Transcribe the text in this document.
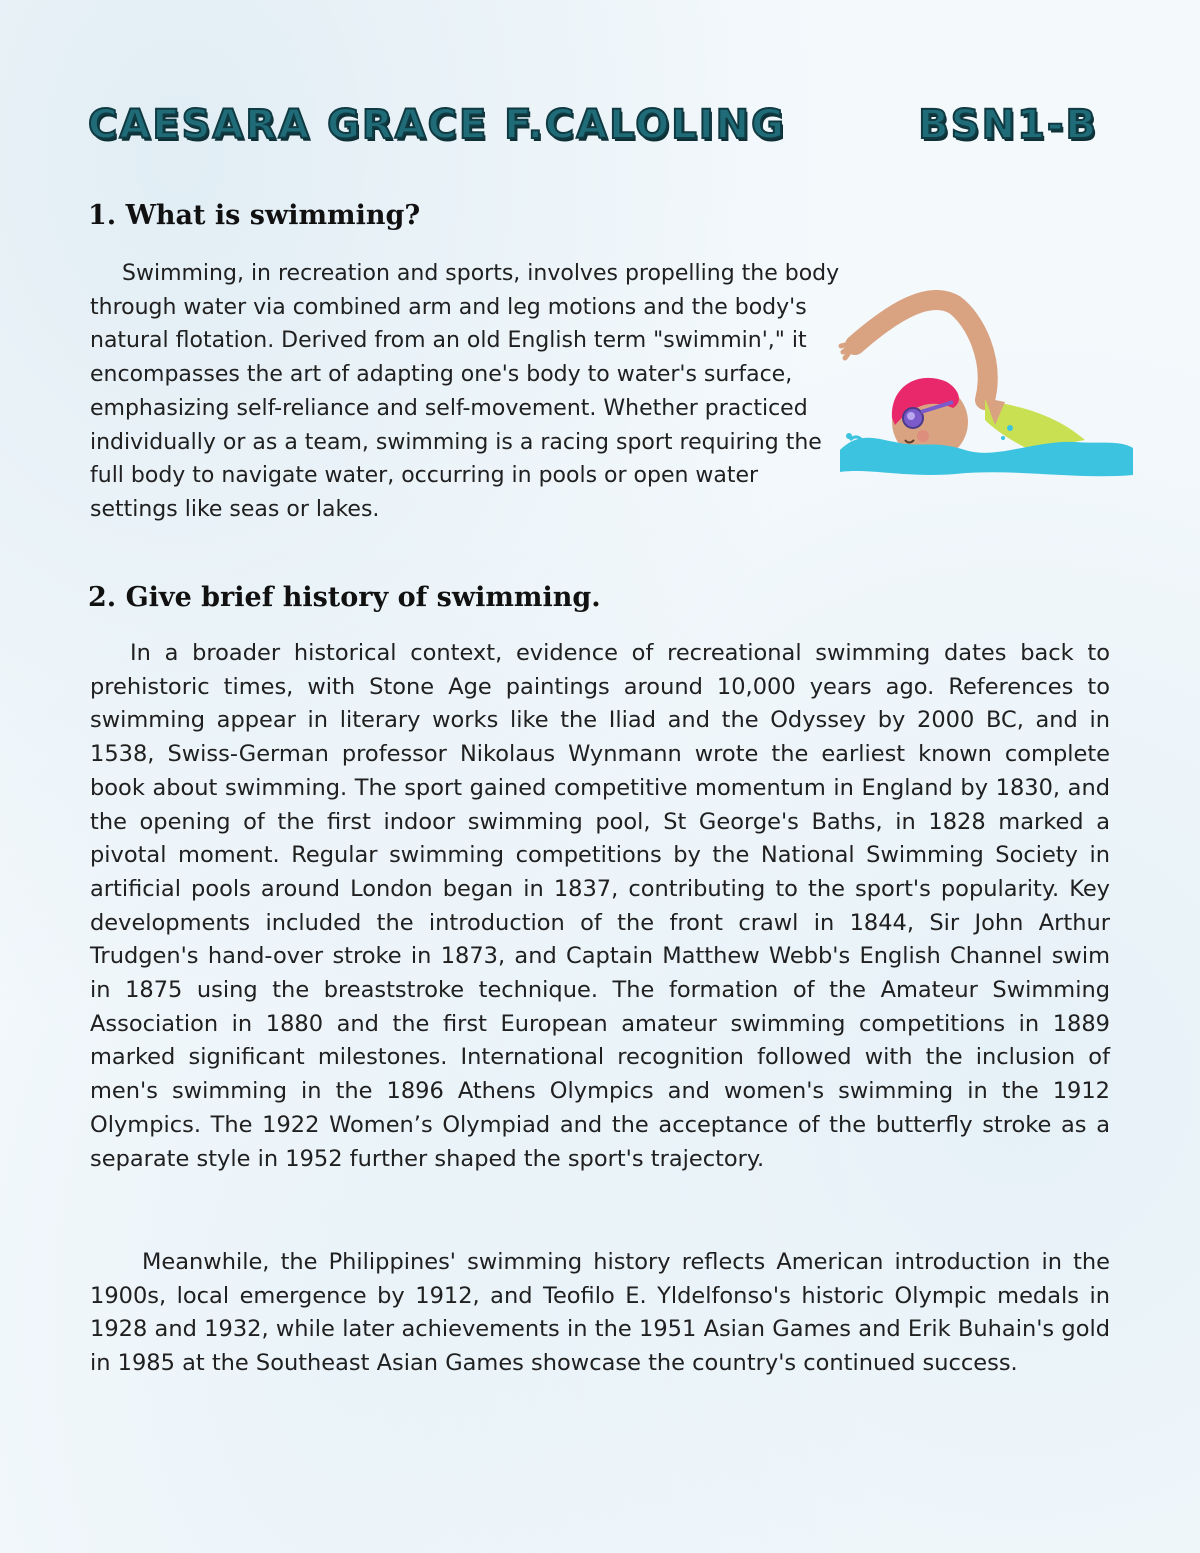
CAESARA GRACE F.CALOLING	BSN1-B
1. What is swimming?

Swimming, in recreation and sports, involves propelling the body through water via combined arm and leg motions and the body's natural flotation. Derived from an old English term "swimmin'," it encompasses the art of adapting one's body to water's surface, emphasizing self-reliance and self-movement. Whether practiced individually or as a team, swimming is a racing sport requiring the full body to navigate water, occurring in pools or open water settings like seas or lakes.

2. Give brief history of swimming.

In a broader historical context, evidence of recreational swimming dates back to prehistoric times, with Stone Age paintings around 10,000 years ago. References to swimming appear in literary works like the Iliad and the Odyssey by 2000 BC, and in 1538, Swiss-German professor Nikolaus Wynmann wrote the earliest known complete book about swimming. The sport gained competitive momentum in England by 1830, and the opening of the first indoor swimming pool, St George's Baths, in 1828 marked a pivotal moment. Regular swimming competitions by the National Swimming Society in artificial pools around London began in 1837, contributing to the sport's popularity. Key developments included the introduction of the front crawl in 1844, Sir John Arthur Trudgen's hand-over stroke in 1873, and Captain Matthew Webb's English Channel swim in 1875 using the breaststroke technique. The formation of the Amateur Swimming Association in 1880 and the first European amateur swimming competitions in 1889 marked significant milestones. International recognition followed with the inclusion of men's swimming in the 1896 Athens Olympics and women's swimming in the 1912 Olympics. The 1922 Women’s Olympiad and the acceptance of the butterfly stroke as a separate style in 1952 further shaped the sport's trajectory.

Meanwhile, the Philippines' swimming history reflects American introduction in the 1900s, local emergence by 1912, and Teofilo E. Yldelfonso's historic Olympic medals in 1928 and 1932, while later achievements in the 1951 Asian Games and Erik Buhain's gold in 1985 at the Southeast Asian Games showcase the country's continued success.
